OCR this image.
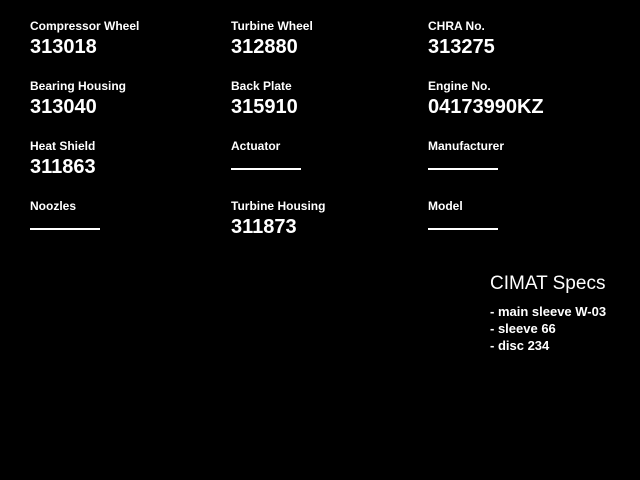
Compressor Wheel
313018
Turbine Wheel
312880
CHRA No.
313275
Bearing Housing
313040
Back Plate
315910
Engine No.
04173990KZ
Heat Shield
311863
Actuator	Manufacturer
Noozles	Turbine Housing
311873
Model
CIMAT Specs
- main sleeve W-03
- sleeve 66
- disc 234
